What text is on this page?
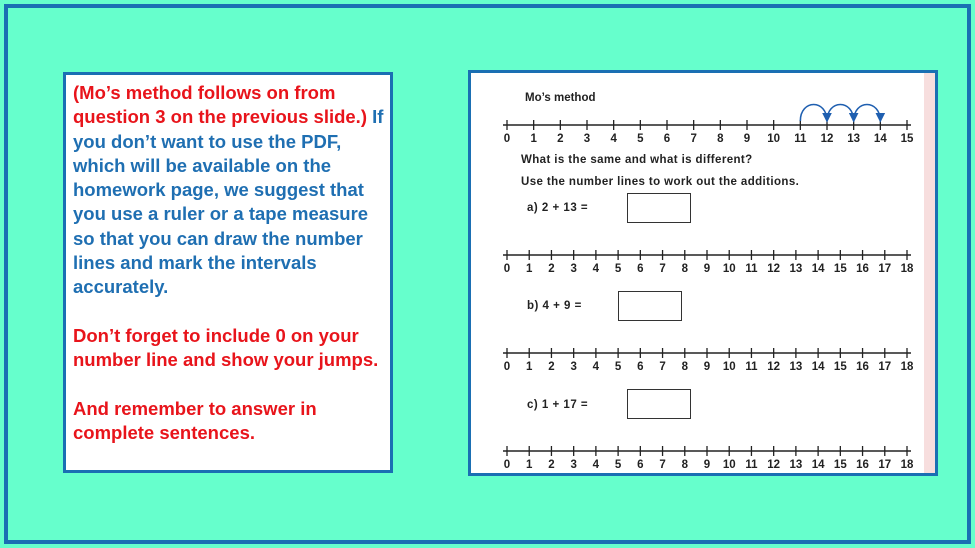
(Mo’s method follows on from question 3 on the previous slide.) If you don’t want to use the PDF, which will be available on the homework page, we suggest that you use a ruler or a tape measure so that you can draw the number lines and mark the intervals accurately.

Don’t forget to include 0 on your number line and show your jumps.

And remember to answer in complete sentences.

Mo’s method
0 1 2 3 4 5 6 7 8 9 10 11 12 13 14 15
What is the same and what is different?
Use the number lines to work out the additions.
a) 2 + 13 =
0 1 2 3 4 5 6 7 8 9 10 11 12 13 14 15 16 17 18
b) 4 + 9 =
0 1 2 3 4 5 6 7 8 9 10 11 12 13 14 15 16 17 18
c) 1 + 17 =
0 1 2 3 4 5 6 7 8 9 10 11 12 13 14 15 16 17 18
